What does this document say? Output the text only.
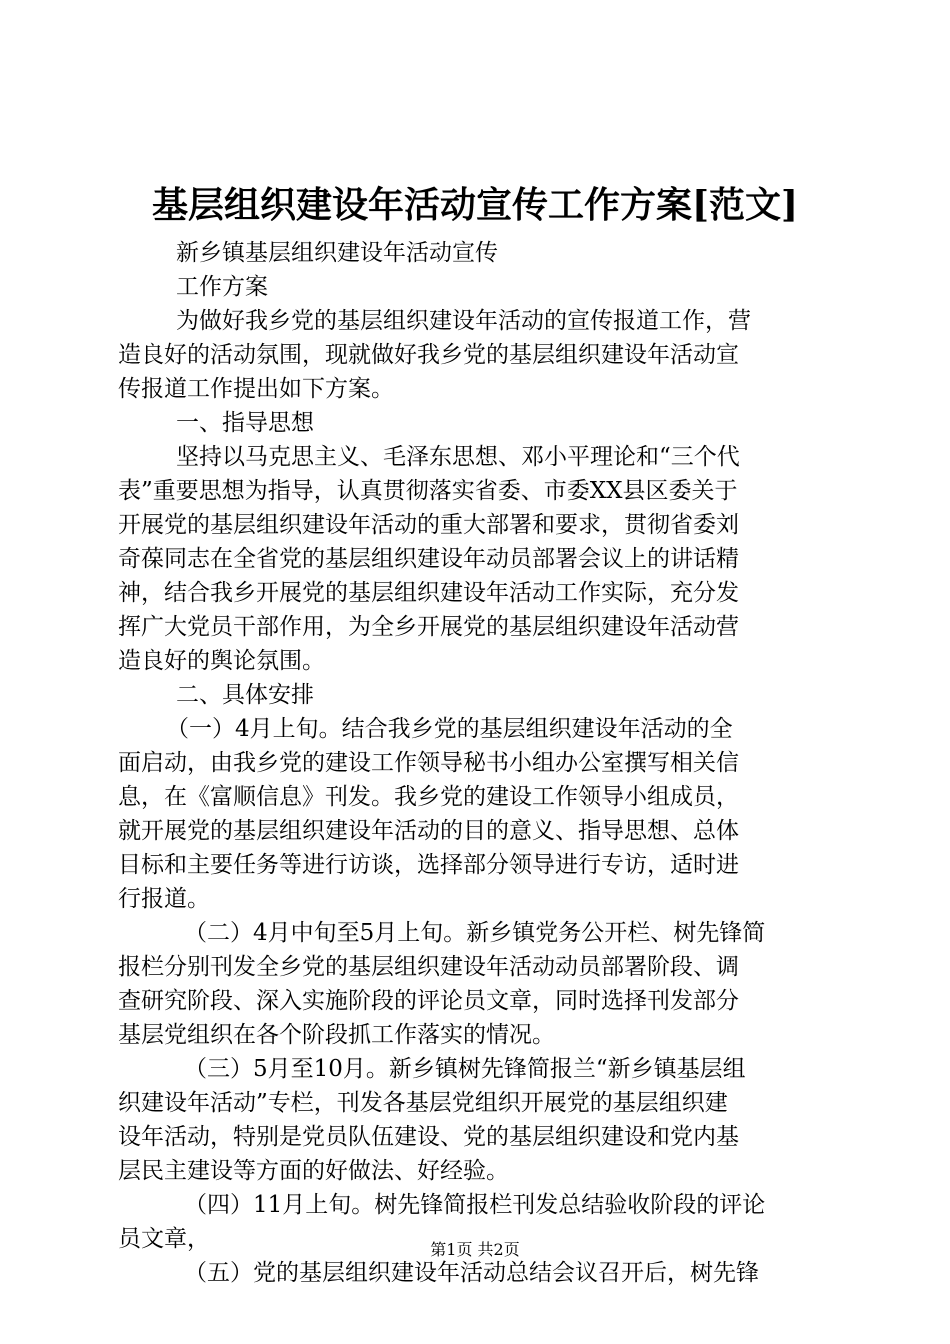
基层组织建设年活动宣传工作方案[范文]
新乡镇基层组织建设年活动宣传
工作方案
为做好我乡党的基层组织建设年活动的宣传报道工作，营
造良好的活动氛围，现就做好我乡党的基层组织建设年活动宣
传报道工作提出如下方案。
一、指导思想
坚持以马克思主义、毛泽东思想、邓小平理论和“三个代
表”重要思想为指导，认真贯彻落实省委、市委XX县区委关于
开展党的基层组织建设年活动的重大部署和要求，贯彻省委刘
奇葆同志在全省党的基层组织建设年动员部署会议上的讲话精
神，结合我乡开展党的基层组织建设年活动工作实际，充分发
挥广大党员干部作用，为全乡开展党的基层组织建设年活动营
造良好的舆论氛围。
二、具体安排
（一）4月上旬。结合我乡党的基层组织建设年活动的全
面启动，由我乡党的建设工作领导秘书小组办公室撰写相关信
息，在《富顺信息》刊发。我乡党的建设工作领导小组成员，
就开展党的基层组织建设年活动的目的意义、指导思想、总体
目标和主要任务等进行访谈，选择部分领导进行专访，适时进
行报道。
（二）4月中旬至5月上旬。新乡镇党务公开栏、树先锋简
报栏分别刊发全乡党的基层组织建设年活动动员部署阶段、调
查研究阶段、深入实施阶段的评论员文章，同时选择刊发部分
基层党组织在各个阶段抓工作落实的情况。
（三）5月至10月。新乡镇树先锋简报兰“新乡镇基层组
织建设年活动”专栏，刊发各基层党组织开展党的基层组织建
设年活动，特别是党员队伍建设、党的基层组织建设和党内基
层民主建设等方面的好做法、好经验。
（四）11月上旬。树先锋简报栏刊发总结验收阶段的评论
员文章，
（五）党的基层组织建设年活动总结会议召开后，树先锋
第1页 共2页
